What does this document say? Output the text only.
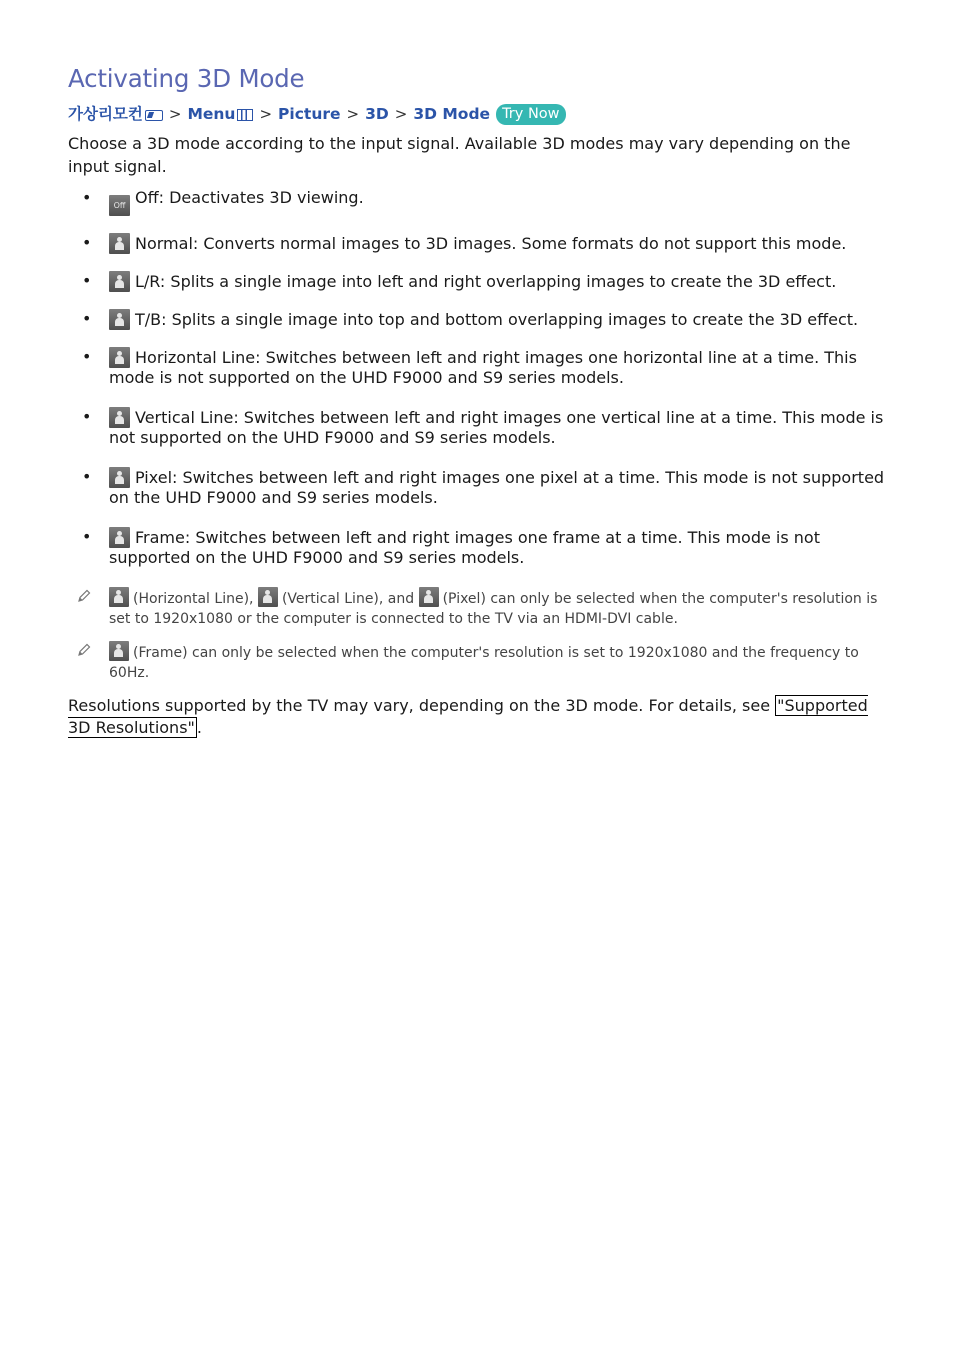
Activating 3D Mode
가상리모컨 > Menu > Picture > 3D > 3D Mode Try Now

Choose a 3D mode according to the input signal. Available 3D modes may vary depending on the input signal.

•	Off Off: Deactivates 3D viewing.
•	Normal: Converts normal images to 3D images. Some formats do not support this mode.
•	L/R: Splits a single image into left and right overlapping images to create the 3D effect.
•	T/B: Splits a single image into top and bottom overlapping images to create the 3D effect.
•	Horizontal Line: Switches between left and right images one horizontal line at a time. This mode is not supported on the UHD F9000 and S9 series models.
•	Vertical Line: Switches between left and right images one vertical line at a time. This mode is not supported on the UHD F9000 and S9 series models.
•	Pixel: Switches between left and right images one pixel at a time. This mode is not supported on the UHD F9000 and S9 series models.
•	Frame: Switches between left and right images one frame at a time. This mode is not supported on the UHD F9000 and S9 series models.
(Horizontal Line), (Vertical Line), and (Pixel) can only be selected when the computer's resolution is set to 1920x1080 or the computer is connected to the TV via an HDMI-DVI cable.
(Frame) can only be selected when the computer's resolution is set to 1920x1080 and the frequency to 60Hz.

Resolutions supported by the TV may vary, depending on the 3D mode. For details, see "Supported 3D Resolutions" .
